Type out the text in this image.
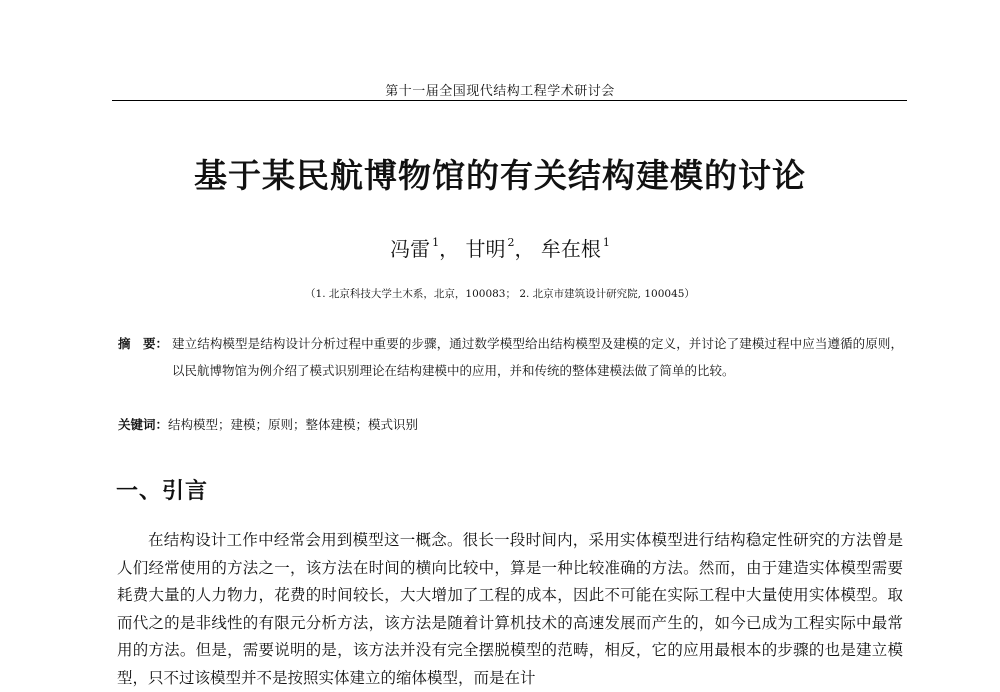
第十一届全国现代结构工程学术研讨会
基于某民航博物馆的有关结构建模的讨论
冯雷 $^1$， 甘明 $^2$， 牟在根 $^1$
（1. 北京科技大学土木系，北京，100083； 2. 北京市建筑设计研究院, 100045）
摘　要： 建立结构模型是结构设计分析过程中重要的步骤，通过数学模型给出结构模型及建模的定义，并讨论了建模过程中应当遵循的原则，以民航博物馆为例介绍了模式识别理论在结构建模中的应用，并和传统的整体建模法做了简单的比较。
关键词：结构模型；建模；原则；整体建模；模式识别
一、引言

在结构设计工作中经常会用到模型这一概念。很长一段时间内，采用实体模型进行结构稳定性研究的方法曾是人们经常使用的方法之一，该方法在时间的横向比较中，算是一种比较准确的方法。然而，由于建造实体模型需要耗费大量的人力物力，花费的时间较长，大大增加了工程的成本，因此不可能在实际工程中大量使用实体模型。取而代之的是非线性的有限元分析方法，该方法是随着计算机技术的高速发展而产生的，如今已成为工程实际中最常用的方法。但是，需要说明的是，该方法并没有完全摆脱模型的范畴，相反，它的应用最根本的步骤的也是建立模型，只不过该模型并不是按照实体建立的缩体模型，而是在计
